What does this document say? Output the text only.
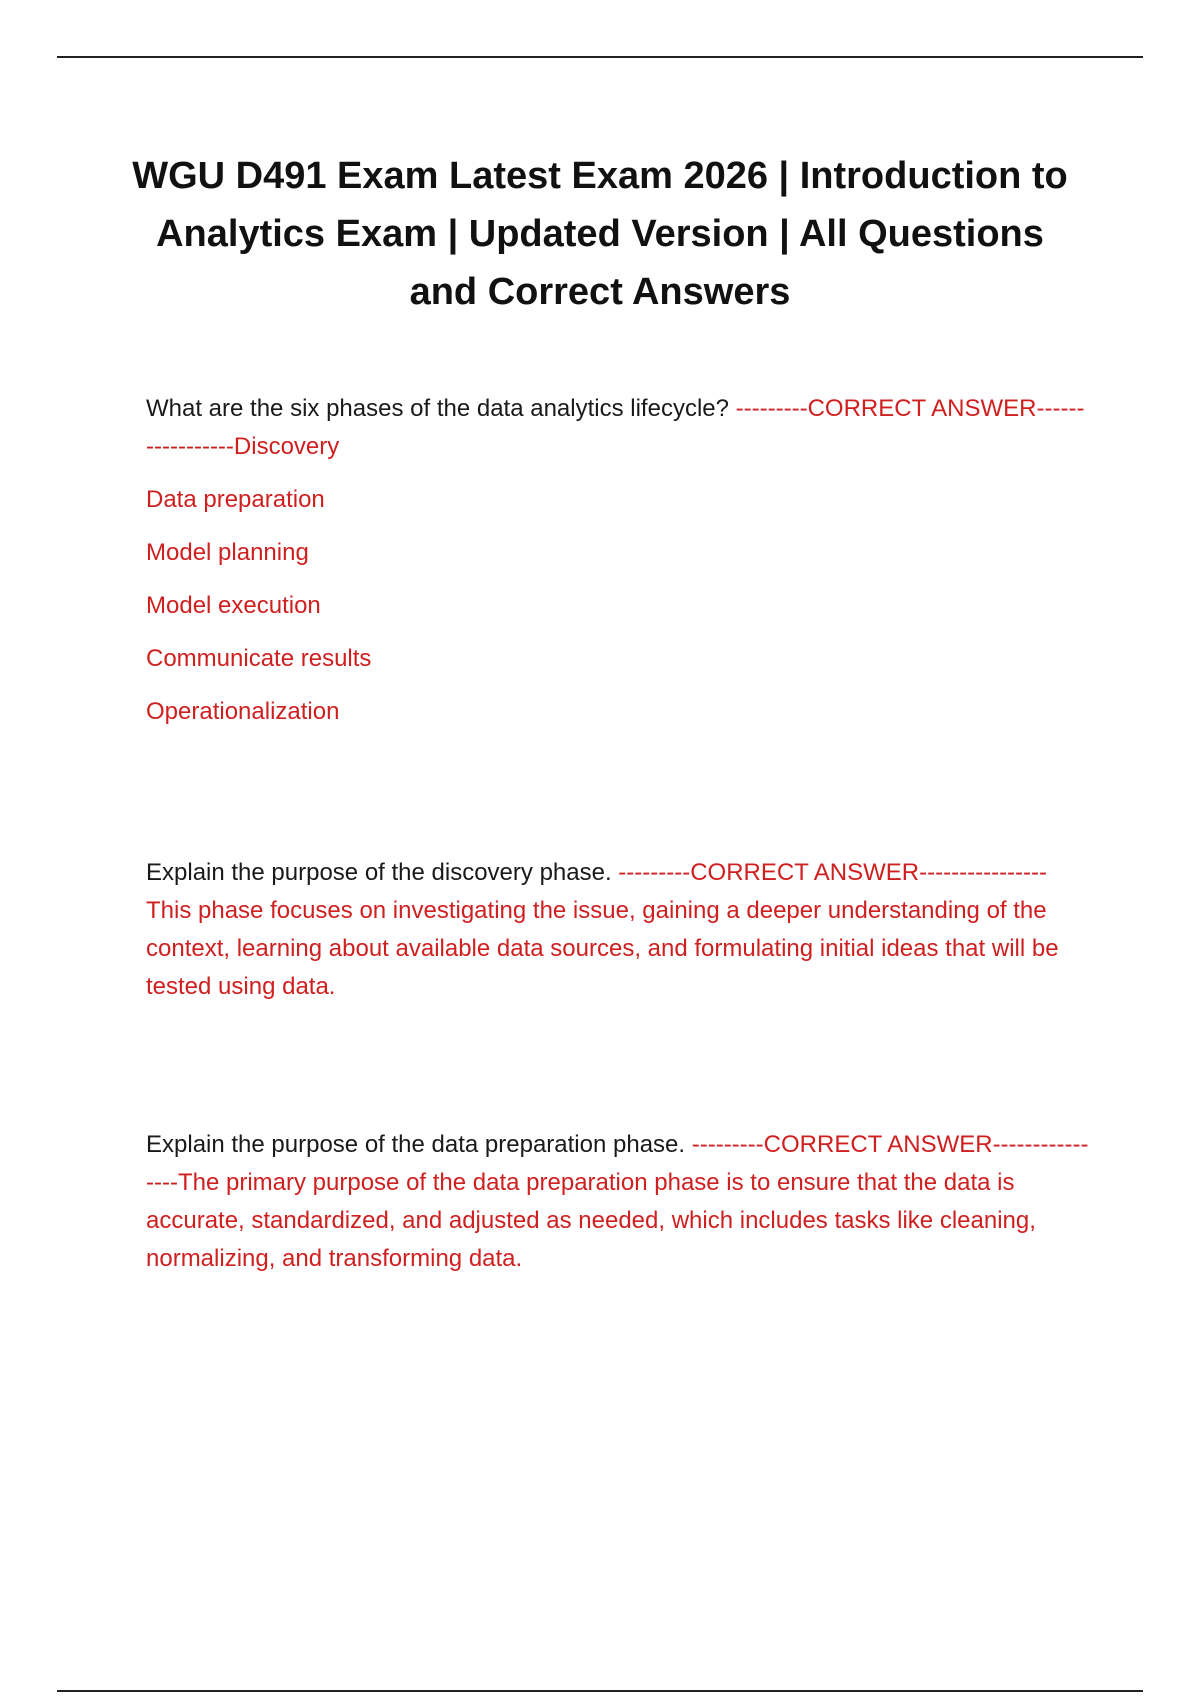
WGU D491 Exam Latest Exam 2026 | Introduction to Analytics Exam | Updated Version | All Questions and Correct Answers

What are the six phases of the data analytics lifecycle? ---------CORRECT ANSWER-----------------Discovery

Data preparation
Model planning
Model execution
Communicate results
Operationalization

Explain the purpose of the discovery phase. ---------CORRECT ANSWER----------------This phase focuses on investigating the issue, gaining a deeper understanding of the context, learning about available data sources, and formulating initial ideas that will be tested using data.

Explain the purpose of the data preparation phase. ---------CORRECT ANSWER----------------The primary purpose of the data preparation phase is to ensure that the data is accurate, standardized, and adjusted as needed, which includes tasks like cleaning, normalizing, and transforming data.
